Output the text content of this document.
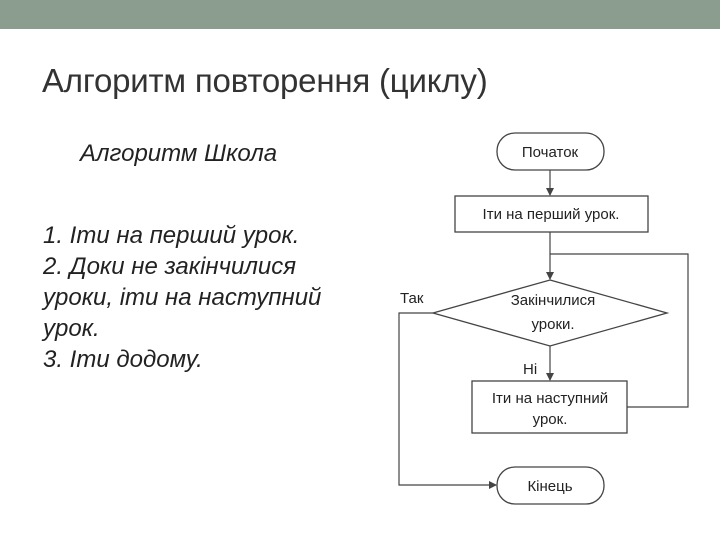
Алгоритм повторення (циклу)
Алгоритм Школа

1. Іти на перший урок.

2. Доки не закінчилися уроки, іти на наступний урок.

3. Іти додому.

Початок
Іти на перший урок.
Закінчилися
уроки.
Так
Ні
Іти на наступний
урок.
Кінець
